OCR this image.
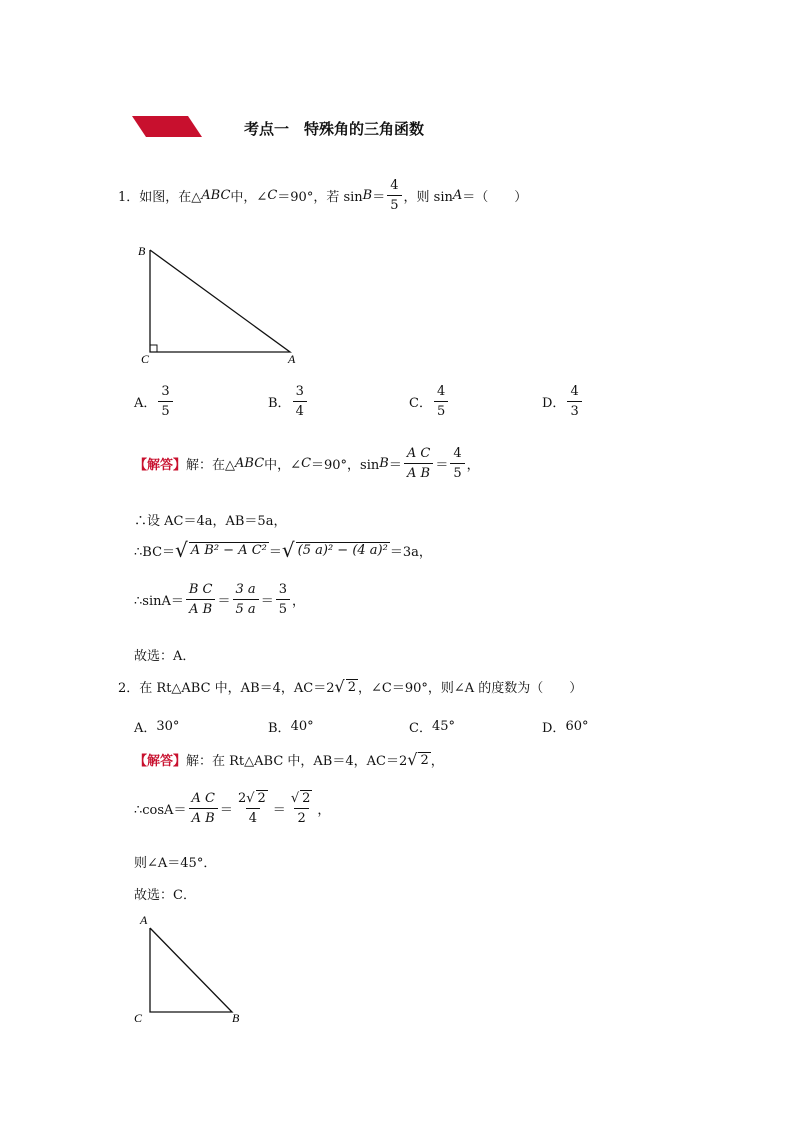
考点一　特殊角的三角函数
1． 如图，在△ ABC 中，∠ C ＝90°，若 $\sin B = \frac{4}{5}$ ，则 sin A ＝（　　）
B
C	A
A． $\frac{3}{5}$	B． $\frac{3}{4}$	C． $\frac{4}{5}$	D． $\frac{4}{3}$
【解答】 解：在△ ABC 中，∠ C ＝90°，$\sin B = \frac{\text{A C}}{\text{A B}} = \frac{4}{5}$ ，
∴设 AC＝4a，AB＝5a，
∴BC＝ √ A B² − A C² ＝ √ (5 a)² − (4 a)² ＝3a，
∴sinA＝ $\frac{\text{B C}}{\text{A B}} = \frac{3 a}{5 a} = \frac{3}{5}$ ，
故选：A．
2． 在 Rt△ABC 中，AB＝4，AC＝2 √ 2 ，∠C＝90°，则∠A 的度数为（　　）
A． 30°	B． 40°	C． 45°	D． 60°
【解答】 解：在 Rt△ABC 中，AB＝4，AC＝2 √ 2 ，
∴cosA＝ $\frac{\text{A C}}{\text{A B}} = \frac{2√ 2}{4} = \frac{√ 2}{2}$ ，
则∠A＝45°．
故选：C．
A
C	B
